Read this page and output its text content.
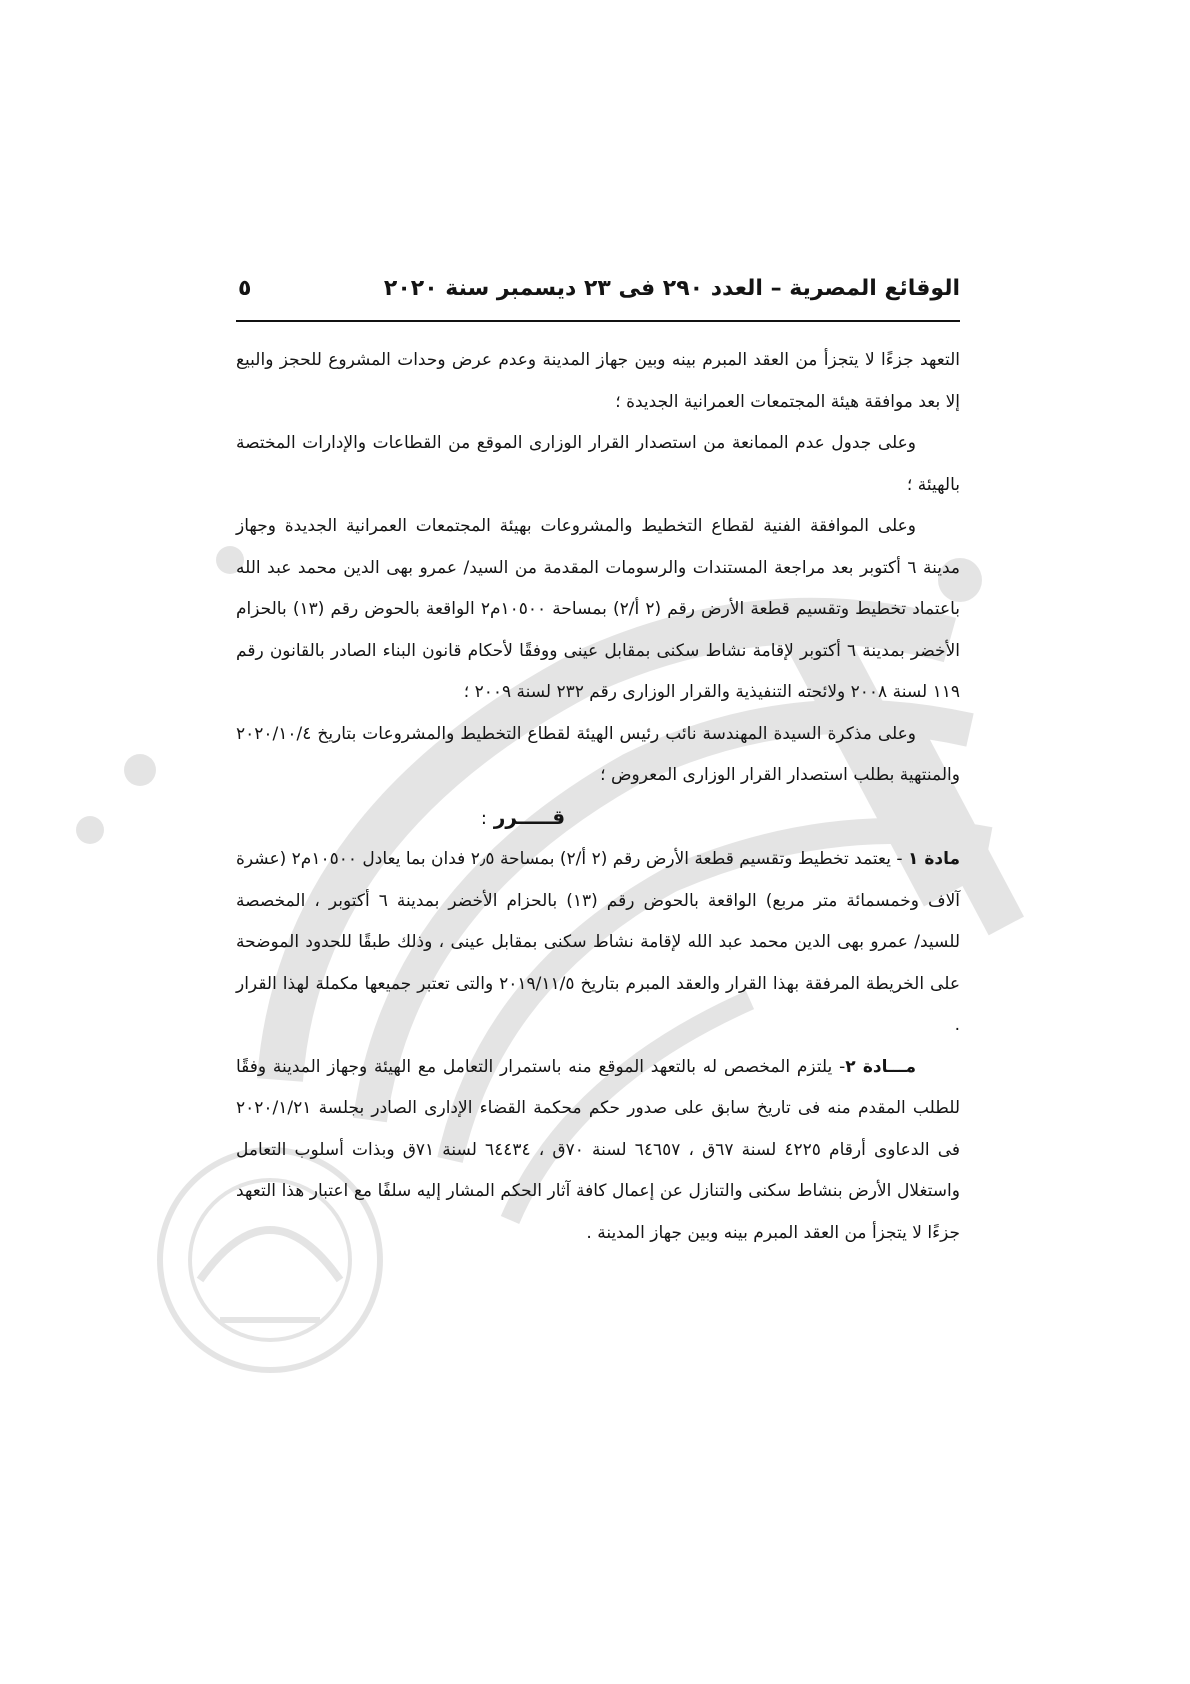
الوقائع المصرية – العدد ٢٩٠ فى ٢٣ ديسمبر سنة ٢٠٢٠
٥

التعهد جزءًا لا يتجزأ من العقد المبرم بينه وبين جهاز المدينة وعدم عرض وحدات المشروع للحجز والبيع إلا بعد موافقة هيئة المجتمعات العمرانية الجديدة ؛

وعلى جدول عدم الممانعة من استصدار القرار الوزارى الموقع من القطاعات والإدارات المختصة بالهيئة ؛

وعلى الموافقة الفنية لقطاع التخطيط والمشروعات بهيئة المجتمعات العمرانية الجديدة وجهاز مدينة ٦ أكتوبر بعد مراجعة المستندات والرسومات المقدمة من السيد/ عمرو بهى الدين محمد عبد الله باعتماد تخطيط وتقسيم قطعة الأرض رقم (٢ أ/٢) بمساحة ١٠٥٠٠م٢ الواقعة بالحوض رقم (١٣) بالحزام الأخضر بمدينة ٦ أكتوبر لإقامة نشاط سكنى بمقابل عينى ووفقًا لأحكام قانون البناء الصادر بالقانون رقم ١١٩ لسنة ٢٠٠٨ ولائحته التنفيذية والقرار الوزارى رقم ٢٣٢ لسنة ٢٠٠٩ ؛

وعلى مذكرة السيدة المهندسة نائب رئيس الهيئة لقطاع التخطيط والمشروعات بتاريخ ٢٠٢٠/١٠/٤ والمنتهية بطلب استصدار القرار الوزارى المعروض ؛

قـــــرر :

مادة ١ - يعتمد تخطيط وتقسيم قطعة الأرض رقم (٢ أ/٢) بمساحة ٢٫٥ فدان بما يعادل ١٠٥٠٠م٢ (عشرة آلاف وخمسمائة متر مربع) الواقعة بالحوض رقم (١٣) بالحزام الأخضر بمدينة ٦ أكتوبر ، المخصصة للسيد/ عمرو بهى الدين محمد عبد الله لإقامة نشاط سكنى بمقابل عينى ، وذلك طبقًا للحدود الموضحة على الخريطة المرفقة بهذا القرار والعقد المبرم بتاريخ ٢٠١٩/١١/٥ والتى تعتبر جميعها مكملة لهذا القرار .

مـــادة ٢- يلتزم المخصص له بالتعهد الموقع منه باستمرار التعامل مع الهيئة وجهاز المدينة وفقًا للطلب المقدم منه فى تاريخ سابق على صدور حكم محكمة القضاء الإدارى الصادر بجلسة ٢٠٢٠/١/٢١ فى الدعاوى أرقام ٤٢٢٥ لسنة ٦٧ق ، ٦٤٦٥٧ لسنة ٧٠ق ، ٦٤٤٣٤ لسنة ٧١ق وبذات أسلوب التعامل واستغلال الأرض بنشاط سكنى والتنازل عن إعمال كافة آثار الحكم المشار إليه سلفًا مع اعتبار هذا التعهد جزءًا لا يتجزأ من العقد المبرم بينه وبين جهاز المدينة .
